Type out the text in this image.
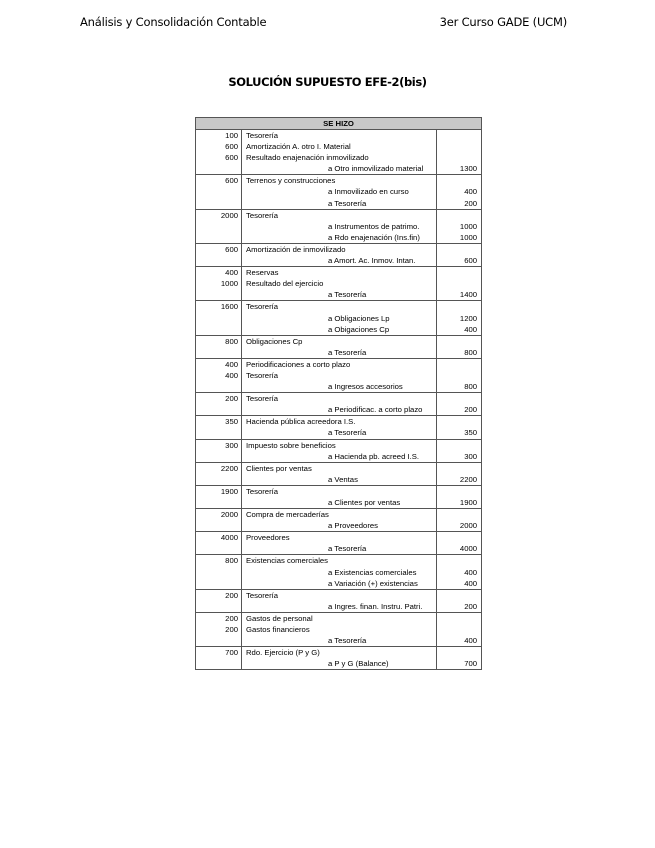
Análisis y Consolidación Contable	3er Curso GADE (UCM)
SOLUCIÓN SUPUESTO EFE-2(bis)
SE HIZO		
100	Tesorería	
600	Amortización A. otro I. Material	
600	Resultado enajenación inmovilizado	
	a Otro inmovilizado material	1300
600	Terrenos y construcciones	
	a Inmovilizado en curso	400
	a Tesorería	200
2000	Tesorería	
	a Instrumentos de patrimo.	1000
	a Rdo enajenación (Ins.fin)	1000
600	Amortización de inmovilizado	
	a Amort. Ac. Inmov. Intan.	600
400	Reservas	
1000	Resultado del ejercicio	
	a Tesorería	1400
1600	Tesorería	
	a Obligaciones Lp	1200
	a Obigaciones Cp	400
800	Obligaciones Cp	
	a Tesorería	800
400	Periodificaciones a corto plazo	
400	Tesorería	
	a Ingresos accesorios	800
200	Tesorería	
	a Periodificac. a corto plazo	200
350	Hacienda pública acreedora I.S.	
	a Tesorería	350
300	Impuesto sobre beneficios	
	a Hacienda pb. acreed I.S.	300
2200	Clientes por ventas	
	a Ventas	2200
1900	Tesorería	
	a Clientes por ventas	1900
2000	Compra de mercaderías	
	a Proveedores	2000
4000	Proveedores	
	a Tesorería	4000
800	Existencias comerciales	
	a Existencias comerciales	400
	a Variación (+) existencias	400
200	Tesorería	
	a Ingres. finan. Instru. Patri.	200
200	Gastos de personal	
200	Gastos financieros	
	a Tesorería	400
700	Rdo. Ejercicio (P y G)	
	a P y G (Balance)	700
